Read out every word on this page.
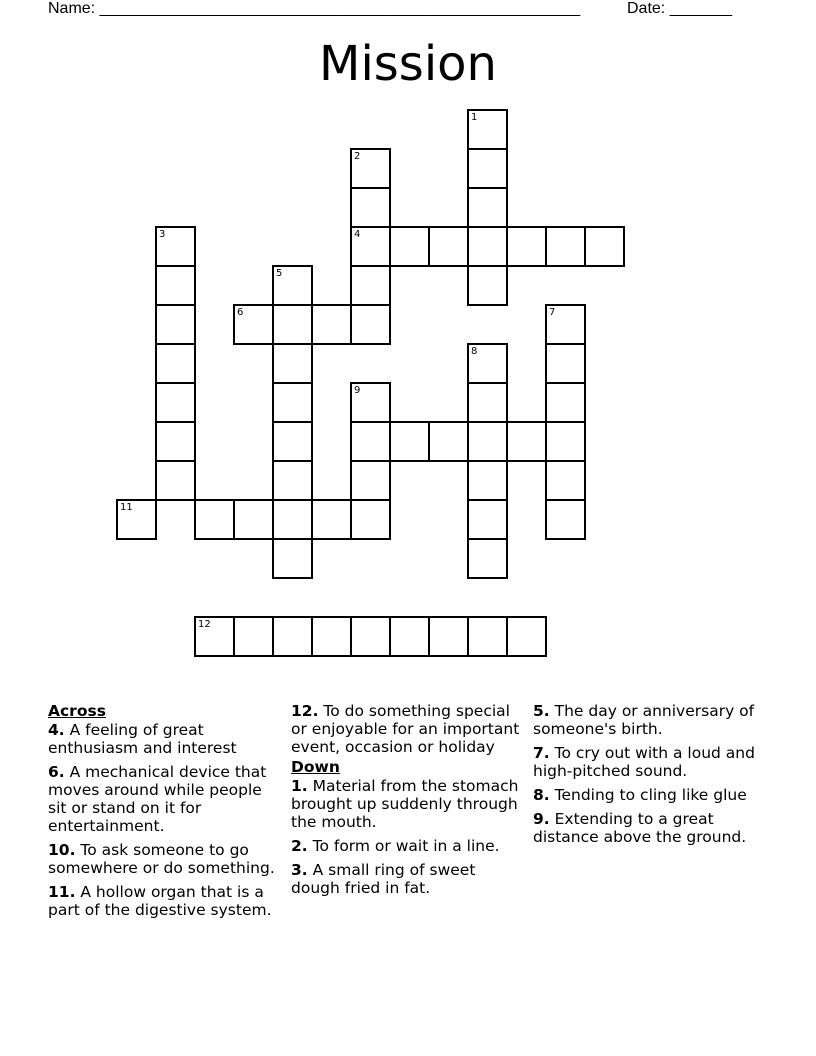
Name: ______________________________________________________	Date: _______
Mission
1
2
3	4
5
6	7
8
9
11
12
Across
4. A feeling of great enthusiasm and interest
6. A mechanical device that moves around while people sit or stand on it for entertainment.
10. To ask someone to go somewhere or do something.
11. A hollow organ that is a part of the digestive system.
12. To do something special or enjoyable for an important event, occasion or holiday
Down
1. Material from the stomach brought up suddenly through the mouth.
2. To form or wait in a line.
3. A small ring of sweet dough fried in fat.
5. The day or anniversary of someone's birth.
7. To cry out with a loud and high-pitched sound.
8. Tending to cling like glue
9. Extending to a great distance above the ground.
